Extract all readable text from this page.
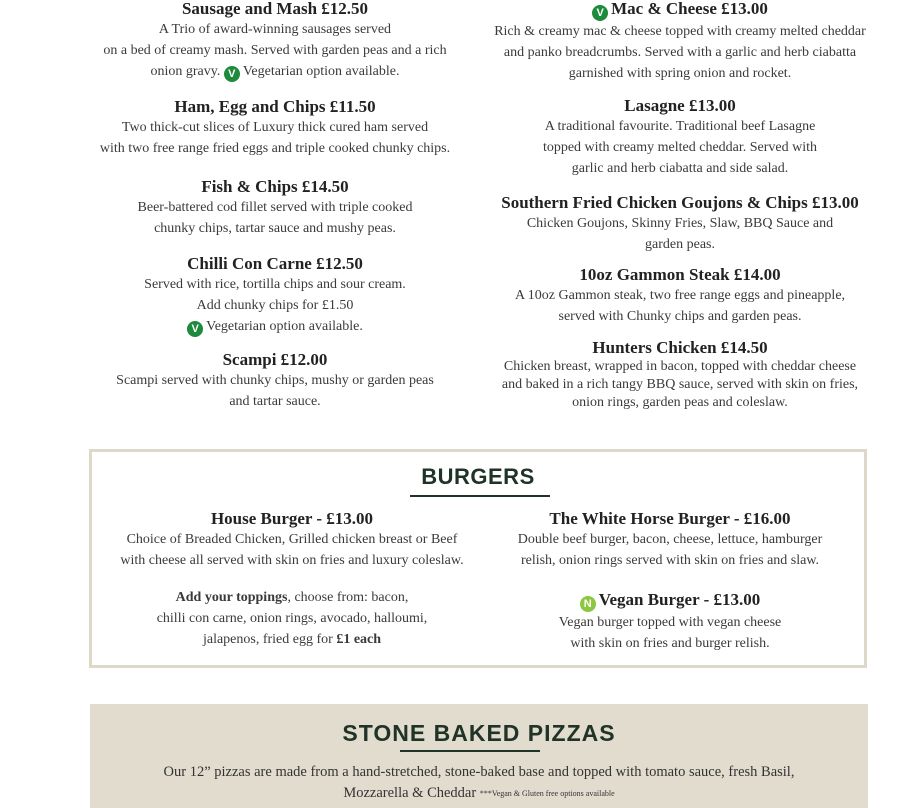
Sausage and Mash £12.50
A Trio of award-winning sausages served
on a bed of creamy mash. Served with garden peas and a rich
onion gravy. V Vegetarian option available.
Ham, Egg and Chips £11.50
Two thick-cut slices of Luxury thick cured ham served
with two free range fried eggs and triple cooked chunky chips.
Fish & Chips £14.50
Beer-battered cod fillet served with triple cooked
chunky chips, tartar sauce and mushy peas.
Chilli Con Carne £12.50
Served with rice, tortilla chips and sour cream.
Add chunky chips for £1.50
V Vegetarian option available.
Scampi £12.00
Scampi served with chunky chips, mushy or garden peas
and tartar sauce.
V Mac & Cheese £13.00
Rich & creamy mac & cheese topped with creamy melted cheddar
and panko breadcrumbs. Served with a garlic and herb ciabatta
garnished with spring onion and rocket.
Lasagne £13.00
A traditional favourite. Traditional beef Lasagne
topped with creamy melted cheddar. Served with
garlic and herb ciabatta and side salad.
Southern Fried Chicken Goujons & Chips £13.00
Chicken Goujons, Skinny Fries, Slaw, BBQ Sauce and
garden peas.
10oz Gammon Steak £14.00
A 10oz Gammon steak, two free range eggs and pineapple,
served with Chunky chips and garden peas.
Hunters Chicken £14.50
Chicken breast, wrapped in bacon, topped with cheddar cheese
and baked in a rich tangy BBQ sauce, served with skin on fries,
onion rings, garden peas and coleslaw.
BURGERS
House Burger - £13.00
Choice of Breaded Chicken, Grilled chicken breast or Beef
with cheese all served with skin on fries and luxury coleslaw.
Add your toppings, choose from: bacon,
chilli con carne, onion rings, avocado, halloumi,
jalapenos, fried egg for £1 each
The White Horse Burger - £16.00
Double beef burger, bacon, cheese, lettuce, hamburger
relish, onion rings served with skin on fries and slaw.
N Vegan Burger - £13.00
Vegan burger topped with vegan cheese
with skin on fries and burger relish.
STONE BAKED PIZZAS
Our 12” pizzas are made from a hand-stretched, stone-baked base and topped with tomato sauce, fresh Basil,
Mozzarella & Cheddar ***Vegan & Gluten free options available
